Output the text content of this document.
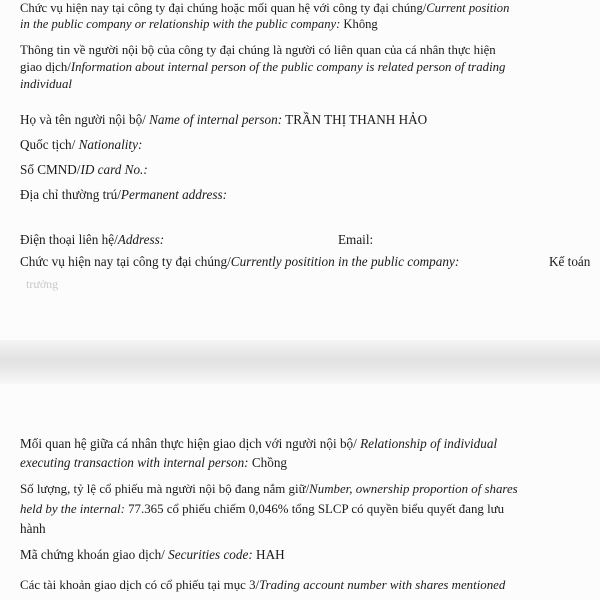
Chức vụ hiện nay tại công ty đại chúng hoặc mối quan hệ với công ty đại chúng/Current position
in the public company or relationship with the public company: Không
Thông tin về người nội bộ của công ty đại chúng là người có liên quan của cá nhân thực hiện
giao dịch/Information about internal person of the public company is related person of trading
individual
Họ và tên người nội bộ/ Name of internal person: TRẦN THỊ THANH HẢO
Quốc tịch/ Nationality:
Số CMND/ID card No.:
Địa chỉ thường trú/Permanent address:
Điện thoại liên hệ/Address:	Email:
Chức vụ hiện nay tại công ty đại chúng/Currently positition in the public company:	Kế toán
trưởng
Mối quan hệ giữa cá nhân thực hiện giao dịch với người nội bộ/ Relationship of individual
executing transaction with internal person: Chồng
Số lượng, tỷ lệ cổ phiếu mà người nội bộ đang nắm giữ/Number, ownership proportion of shares
held by the internal: 77.365 cổ phiếu chiếm 0,046% tổng SLCP có quyền biểu quyết đang lưu
hành
Mã chứng khoán giao dịch/ Securities code: HAH
Các tài khoản giao dịch có cổ phiếu tại mục 3/Trading account number with shares mentioned
